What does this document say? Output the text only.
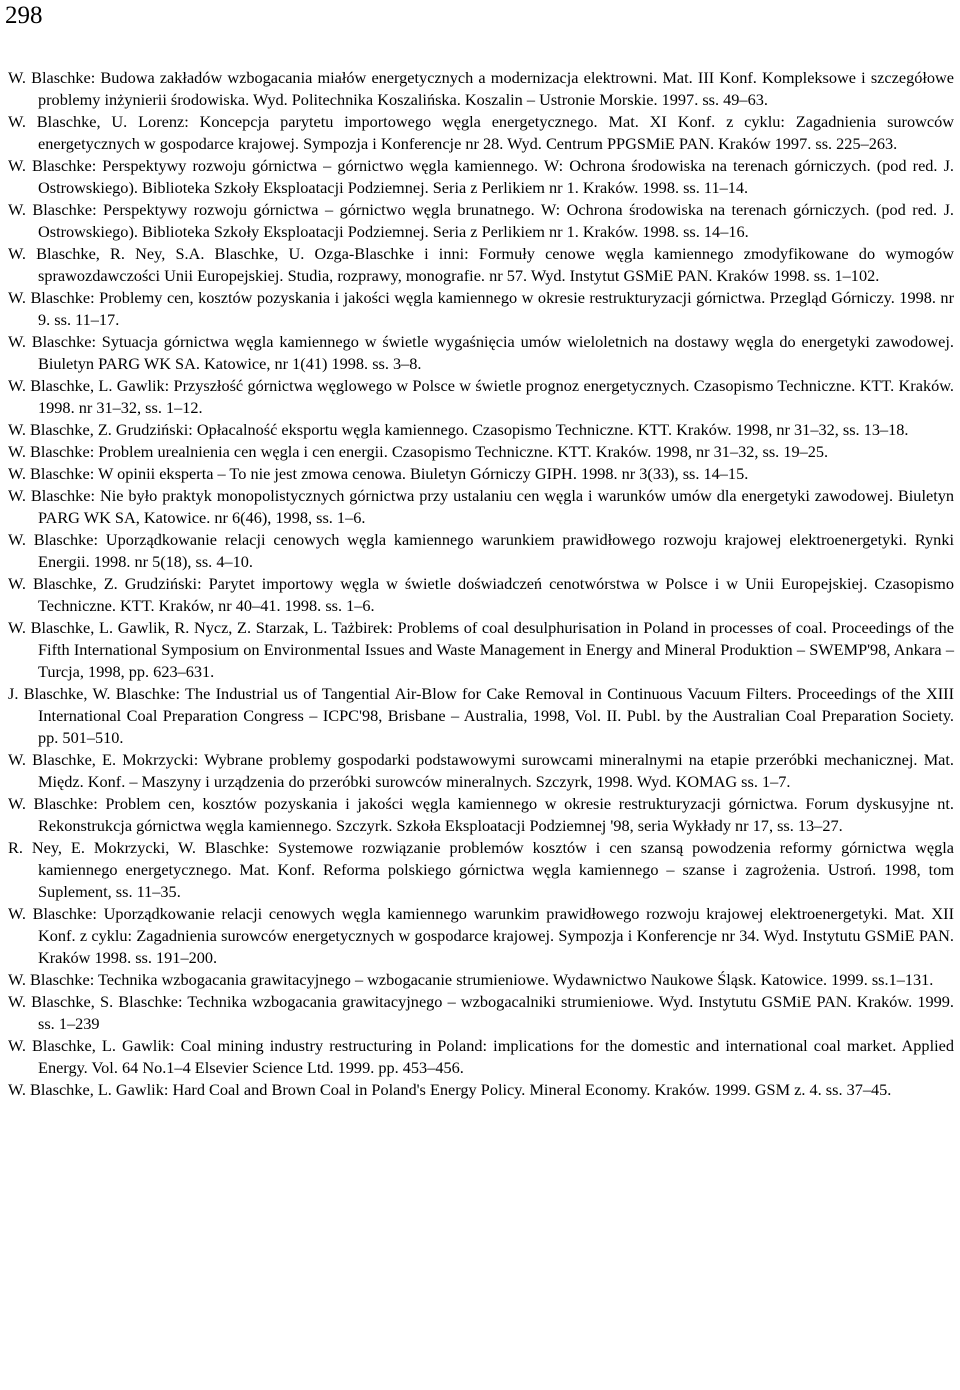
298
W. Blaschke: Budowa zakładów wzbogacania miałów energetycznych a modernizacja elektrowni. Mat. III Konf. Kompleksowe i szczegółowe problemy inżynierii środowiska. Wyd. Politechnika Koszalińska. Koszalin – Ustronie Morskie. 1997. ss. 49–63.
W. Blaschke, U. Lorenz: Koncepcja parytetu importowego węgla energetycznego. Mat. XI Konf. z cyklu: Zagadnienia surowców energetycznych w gospodarce krajowej. Sympozja i Konferencje nr 28. Wyd. Centrum PPGSMiE PAN. Kraków 1997. ss. 225–263.
W. Blaschke: Perspektywy rozwoju górnictwa – górnictwo węgla kamiennego. W: Ochrona środowiska na terenach górniczych. (pod red. J. Ostrowskiego). Biblioteka Szkoły Eksploatacji Podziemnej. Seria z Perlikiem nr 1. Kraków. 1998. ss. 11–14.
W. Blaschke: Perspektywy rozwoju górnictwa – górnictwo węgla brunatnego. W: Ochrona środowiska na terenach górniczych. (pod red. J. Ostrowskiego). Biblioteka Szkoły Eksploatacji Podziemnej. Seria z Perlikiem nr 1. Kraków. 1998. ss. 14–16.
W. Blaschke, R. Ney, S.A. Blaschke, U. Ozga-Blaschke i inni: Formuły cenowe węgla kamiennego zmodyfikowane do wymogów sprawozdawczości Unii Europejskiej. Studia, rozprawy, monografie. nr 57. Wyd. Instytut GSMiE PAN. Kraków 1998. ss. 1–102.
W. Blaschke: Problemy cen, kosztów pozyskania i jakości węgla kamiennego w okresie restrukturyzacji górnictwa. Przegląd Górniczy. 1998. nr 9. ss. 11–17.
W. Blaschke: Sytuacja górnictwa węgla kamiennego w świetle wygaśnięcia umów wieloletnich na dostawy węgla do energetyki zawodowej. Biuletyn PARG WK SA. Katowice, nr 1(41) 1998. ss. 3–8.
W. Blaschke, L. Gawlik: Przyszłość górnictwa węglowego w Polsce w świetle prognoz energetycznych. Czasopismo Techniczne. KTT. Kraków. 1998. nr 31–32, ss. 1–12.
W. Blaschke, Z. Grudziński: Opłacalność eksportu węgla kamiennego. Czasopismo Techniczne. KTT. Kraków. 1998, nr 31–32, ss. 13–18.
W. Blaschke: Problem urealnienia cen węgla i cen energii. Czasopismo Techniczne. KTT. Kraków. 1998, nr 31–32, ss. 19–25.
W. Blaschke: W opinii eksperta – To nie jest zmowa cenowa. Biuletyn Górniczy GIPH. 1998. nr 3(33), ss. 14–15.
W. Blaschke: Nie było praktyk monopolistycznych górnictwa przy ustalaniu cen węgla i warunków umów dla energetyki zawodowej. Biuletyn PARG WK SA, Katowice. nr 6(46), 1998, ss. 1–6.
W. Blaschke: Uporządkowanie relacji cenowych węgla kamiennego warunkiem prawidłowego rozwoju krajowej elektroenergetyki. Rynki Energii. 1998. nr 5(18), ss. 4–10.
W. Blaschke, Z. Grudziński: Parytet importowy węgla w świetle doświadczeń cenotwórstwa w Polsce i w Unii Europejskiej. Czasopismo Techniczne. KTT. Kraków, nr 40–41. 1998. ss. 1–6.
W. Blaschke, L. Gawlik, R. Nycz, Z. Starzak, L. Tażbirek: Problems of coal desulphurisation in Poland in processes of coal. Proceedings of the Fifth International Symposium on Environmental Issues and Waste Management in Energy and Mineral Produktion – SWEMP'98, Ankara – Turcja, 1998, pp. 623–631.
J. Blaschke, W. Blaschke: The Industrial us of Tangential Air-Blow for Cake Removal in Continuous Vacuum Filters. Proceedings of the XIII International Coal Preparation Congress – ICPC'98, Brisbane – Australia, 1998, Vol. II. Publ. by the Australian Coal Preparation Society. pp. 501–510.
W. Blaschke, E. Mokrzycki: Wybrane problemy gospodarki podstawowymi surowcami mineralnymi na etapie przeróbki mechanicznej. Mat. Międz. Konf. – Maszyny i urządzenia do przeróbki surowców mineralnych. Szczyrk, 1998. Wyd. KOMAG ss. 1–7.
W. Blaschke: Problem cen, kosztów pozyskania i jakości węgla kamiennego w okresie restrukturyzacji górnictwa. Forum dyskusyjne nt. Rekonstrukcja górnictwa węgla kamiennego. Szczyrk. Szkoła Eksploatacji Podziemnej '98, seria Wykłady nr 17, ss. 13–27.
R. Ney, E. Mokrzycki, W. Blaschke: Systemowe rozwiązanie problemów kosztów i cen szansą powodzenia reformy górnictwa węgla kamiennego energetycznego. Mat. Konf. Reforma polskiego górnictwa węgla kamiennego – szanse i zagrożenia. Ustroń. 1998, tom Suplement, ss. 11–35.
W. Blaschke: Uporządkowanie relacji cenowych węgla kamiennego warunkim prawidłowego rozwoju krajowej elektroenergetyki. Mat. XII Konf. z cyklu: Zagadnienia surowców energetycznych w gospodarce krajowej. Sympozja i Konferencje nr 34. Wyd. Instytutu GSMiE PAN. Kraków 1998. ss. 191–200.
W. Blaschke: Technika wzbogacania grawitacyjnego – wzbogacanie strumieniowe. Wydawnictwo Naukowe Śląsk. Katowice. 1999. ss.1–131.
W. Blaschke, S. Blaschke: Technika wzbogacania grawitacyjnego – wzbogacalniki strumieniowe. Wyd. Instytutu GSMiE PAN. Kraków. 1999. ss. 1–239
W. Blaschke, L. Gawlik: Coal mining industry restructuring in Poland: implications for the domestic and international coal market. Applied Energy. Vol. 64 No.1–4 Elsevier Science Ltd. 1999. pp. 453–456.
W. Blaschke, L. Gawlik: Hard Coal and Brown Coal in Poland's Energy Policy. Mineral Economy. Kraków. 1999. GSM z. 4. ss. 37–45.
